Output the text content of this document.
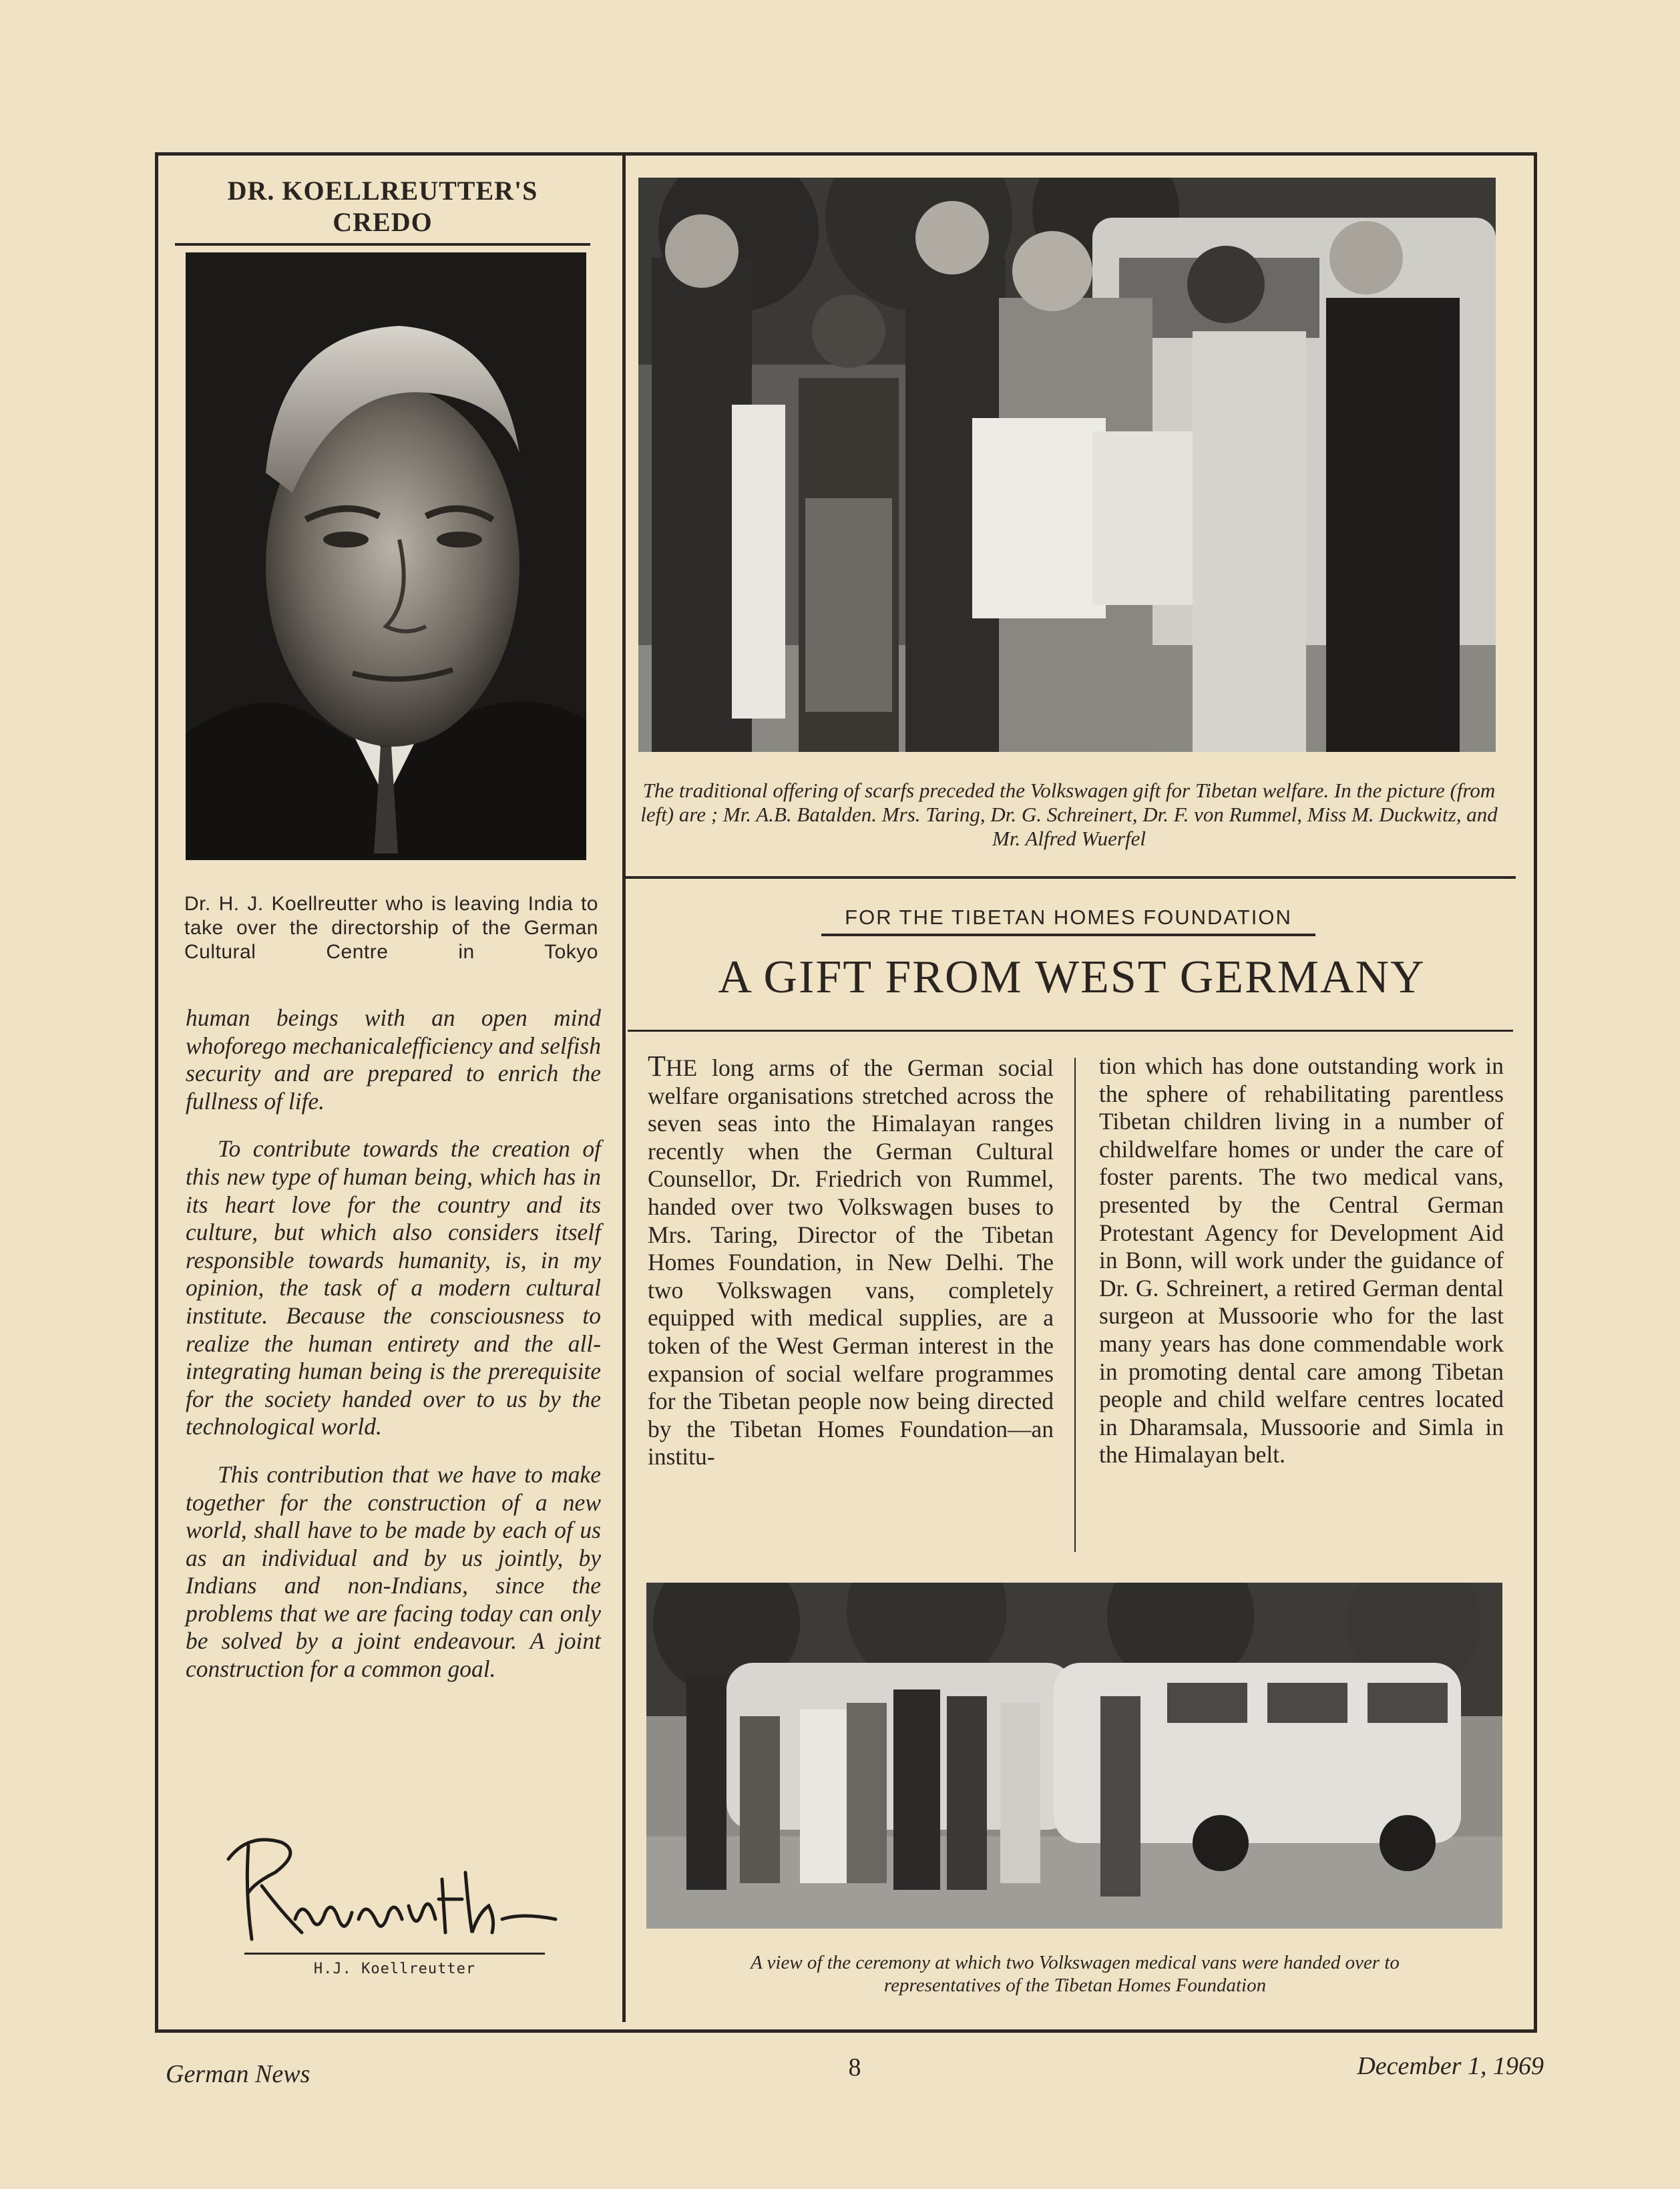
DR. KOELLREUTTER'S CREDO
Dr. H. J. Koellreutter who is leaving India to take over the directorship of the German Cultural Centre in Tokyo

human beings with an open mind whoforego mechanicalefficiency and selfish security and are prepared to enrich the fullness of life.

To contribute towards the creation of this new type of human being, which has in its heart love for the country and its culture, but which also considers itself responsible towards humanity, is, in my opinion, the task of a modern cultural institute. Because the consciousness to realize the human entirety and the all-integrating human being is the prerequisite for the society handed over to us by the technological world.

This contribution that we have to make together for the construction of a new world, shall have to be made by each of us as an individual and by us jointly, by Indians and non-Indians, since the problems that we are facing today can only be solved by a joint endeavour. A joint construction for a common goal.

H.J. Koellreutter
The traditional offering of scarfs preceded the Volkswagen gift for Tibetan welfare. In the picture (from left) are ; Mr. A.B. Batalden. Mrs. Taring, Dr. G. Schreinert, Dr. F. von Rummel, Miss M. Duckwitz, and Mr. Alfred Wuerfel
FOR THE TIBETAN HOMES FOUNDATION
A GIFT FROM WEST GERMANY
THE long arms of the German social welfare organisations stretched across the seven seas into the Himalayan ranges recently when the German Cultural Counsellor, Dr. Friedrich von Rummel, handed over two Volkswagen buses to Mrs. Taring, Director of the Tibetan Homes Foundation, in New Delhi. The two Volkswagen vans, completely equipped with medical supplies, are a token of the West German interest in the expansion of social welfare programmes for the Tibetan people now being directed by the Tibetan Homes Foundation—an institu-
tion which has done outstanding work in the sphere of rehabilitating parentless Tibetan children living in a number of childwelfare homes or under the care of foster parents. The two medical vans, presented by the Central German Protestant Agency for Development Aid in Bonn, will work under the guidance of Dr. G. Schreinert, a retired German dental surgeon at Mussoorie who for the last many years has done commendable work in promoting dental care among Tibetan people and child welfare centres located in Dharamsala, Mussoorie and Simla in the Himalayan belt.
A view of the ceremony at which two Volkswagen medical vans were handed over to representatives of the Tibetan Homes Foundation
German News	8	December 1, 1969
